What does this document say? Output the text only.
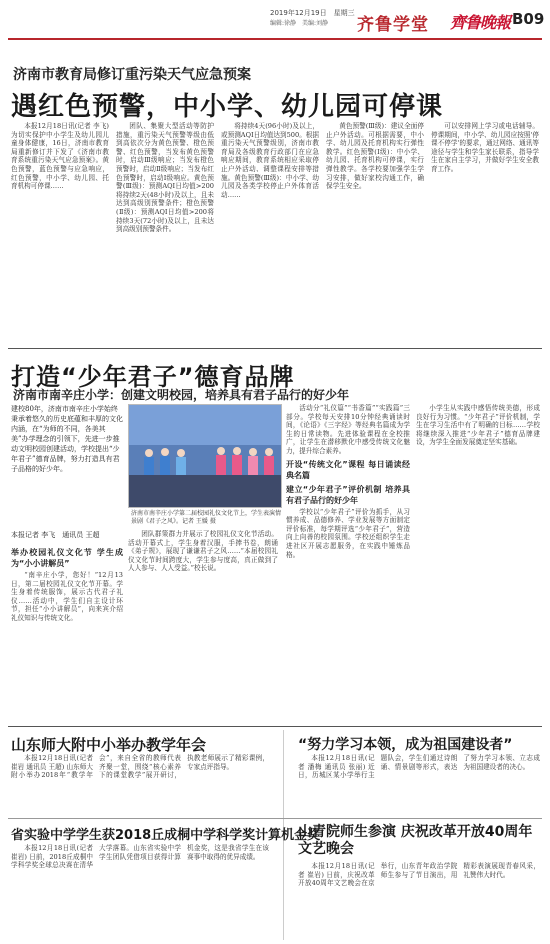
2019年12月19日　星期三
编辑:徐静　美编:刘静 齐鲁学堂 齊鲁晚報 B09
济南市教育局修订重污染天气应急预案
遇红色预警，中小学、幼儿园可停课

本报12月18日讯(记者 李飞) 为切实保护中小学生及幼儿园儿童身体健康，16日，济南市教育局重新修订并下发了《济南市教育系统重污染天气应急预案》。黄色预警，蓝色预警与应急响应，红色预警，中小学、幼儿园、托育机构可停课……

团队、集聚大型活动等防护措施，重污染天气预警等级由低到高依次分为黄色预警、橙色预警、红色预警，当发布黄色预警时，启动Ⅲ级响应；当发布橙色预警时，启动Ⅱ级响应；当发布红色预警时，启动Ⅰ级响应。黄色预警(Ⅲ级)：预测AQI日均值>200将持续2天(48小时)及以上，且未达到高级别预警条件；橙色预警(Ⅱ级)：预测AQI日均值>200将持续3天(72小时)及以上，且未达到高级别预警条件。

将持续4天(96小时)及以上，或预测AQI日均值达到500。根据重污染天气预警级别，济南市教育局及各级教育行政部门在应急响应期间，教育系统相应采取停止户外活动、调整课程安排等措施。黄色预警(Ⅲ级)：中小学、幼儿园及各类学校停止户外体育活动……

黄色预警(Ⅲ级)：建议全面停止户外活动。可根据需要，中小学、幼儿园及托育机构实行弹性教学。红色预警(Ⅰ级)：中小学、幼儿园、托育机构可停课，实行弹性教学。各学校要加强学生学习安排，做好家校沟通工作，确保学生安全。

可以安排网上学习或电话辅导。停课期间，中小学、幼儿园应按照'停课不停学'的要求，通过网络、通讯等途径与学生和学生家长联系，指导学生在家自主学习，并做好学生安全教育工作。

打造“少年君子”德育品牌
济南市南辛庄小学：创建文明校园，培养具有君子品行的好少年
建校80年，济南市南辛庄小学始终秉承着悠久的历史底蕴和丰厚的文化内涵，在“为师的不同，各美其美”办学理念的引领下，先进一步推动文明校园创建活动，学校提出“少年君子”德育品牌，努力打造具有君子品格的好少年。
济南市南辛庄小学第二届校园礼仪文化节上，学生表演情景剧《君子之风》。记者 王媛 摄
本报记者 李飞　通讯员 王超
举办校园礼仪文化节 学生成为“小小讲解员”

“南辛庄小学，您好！”12月13日，第二届校园礼仪文化节开幕。学生身着传统服饰，展示古代君子礼仪……活动中，学生们自主设计环节，担任“小小讲解员”，向来宾介绍礼仪知识与传统文化。

团队群策群力并展示了校园礼仪文化节活动。活动开幕式上，学生身着汉服，手捧书卷，朗诵《弟子规》，展现了谦谦君子之风……“本届校园礼仪文化节时间跨度大，学生参与度高，真正做到了人人参与、人人受益。”校长说。

活动分“礼仪篇”“书香篇”“实践篇”三部分。学校每天安排10分钟经典诵读时间，《论语》《三字经》等经典名篇成为学生的日常读物。先进体验课程在全校推广，让学生在潜移默化中感受传统文化魅力，提升综合素养。

开设“传统文化”课程 每日诵读经典名篇
建立“少年君子”评价机制 培养具有君子品行的好少年

学校以“少年君子”评价为抓手，从习惯养成、品德修养、学业发展等方面制定评价标准，每学期评选“少年君子”，营造向上向善的校园氛围。学校还组织学生走进社区开展志愿服务，在实践中锤炼品格。

小学生从实践中感悟传统美德，形成良好行为习惯。“少年君子”评价机制，学生在学习生活中有了明确的目标……学校将继续深入推进“少年君子”德育品牌建设，为学生全面发展奠定坚实基础。

山东师大附中小举办教学年会

本报12月18日讯(记者 崔岩 通讯员 王超) 山东师大附小举办2018年“教学年会”，来自全省的教师代表齐聚一堂，围绕“核心素养下的课堂教学”展开研讨，执教老师展示了精彩课例，专家点评指导。

“努力学习本领，成为祖国建设者”

本报12月18日讯(记者 潘梅 通讯员 张丽) 近日，历城区某小学举行主题队会，学生们通过诗朗诵、情景剧等形式，表达了努力学习本领、立志成为祖国建设者的决心。

省实验中学学生获2018丘成桐中学科学奖计算机金奖

本报12月18日讯(记者 崔岩) 日前，2018丘成桐中学科学奖全球总决赛在清华大学落幕。山东省实验中学学生团队凭借项目获得计算机金奖，这是我省学生在该赛事中取得的优异成绩。

山青院师生参演 庆祝改革开放40周年文艺晚会

本报12月18日讯(记者 崔岩) 日前，庆祝改革开放40周年文艺晚会在京举行，山东青年政治学院师生参与了节目演出，用精彩表演展现青春风采，礼赞伟大时代。
